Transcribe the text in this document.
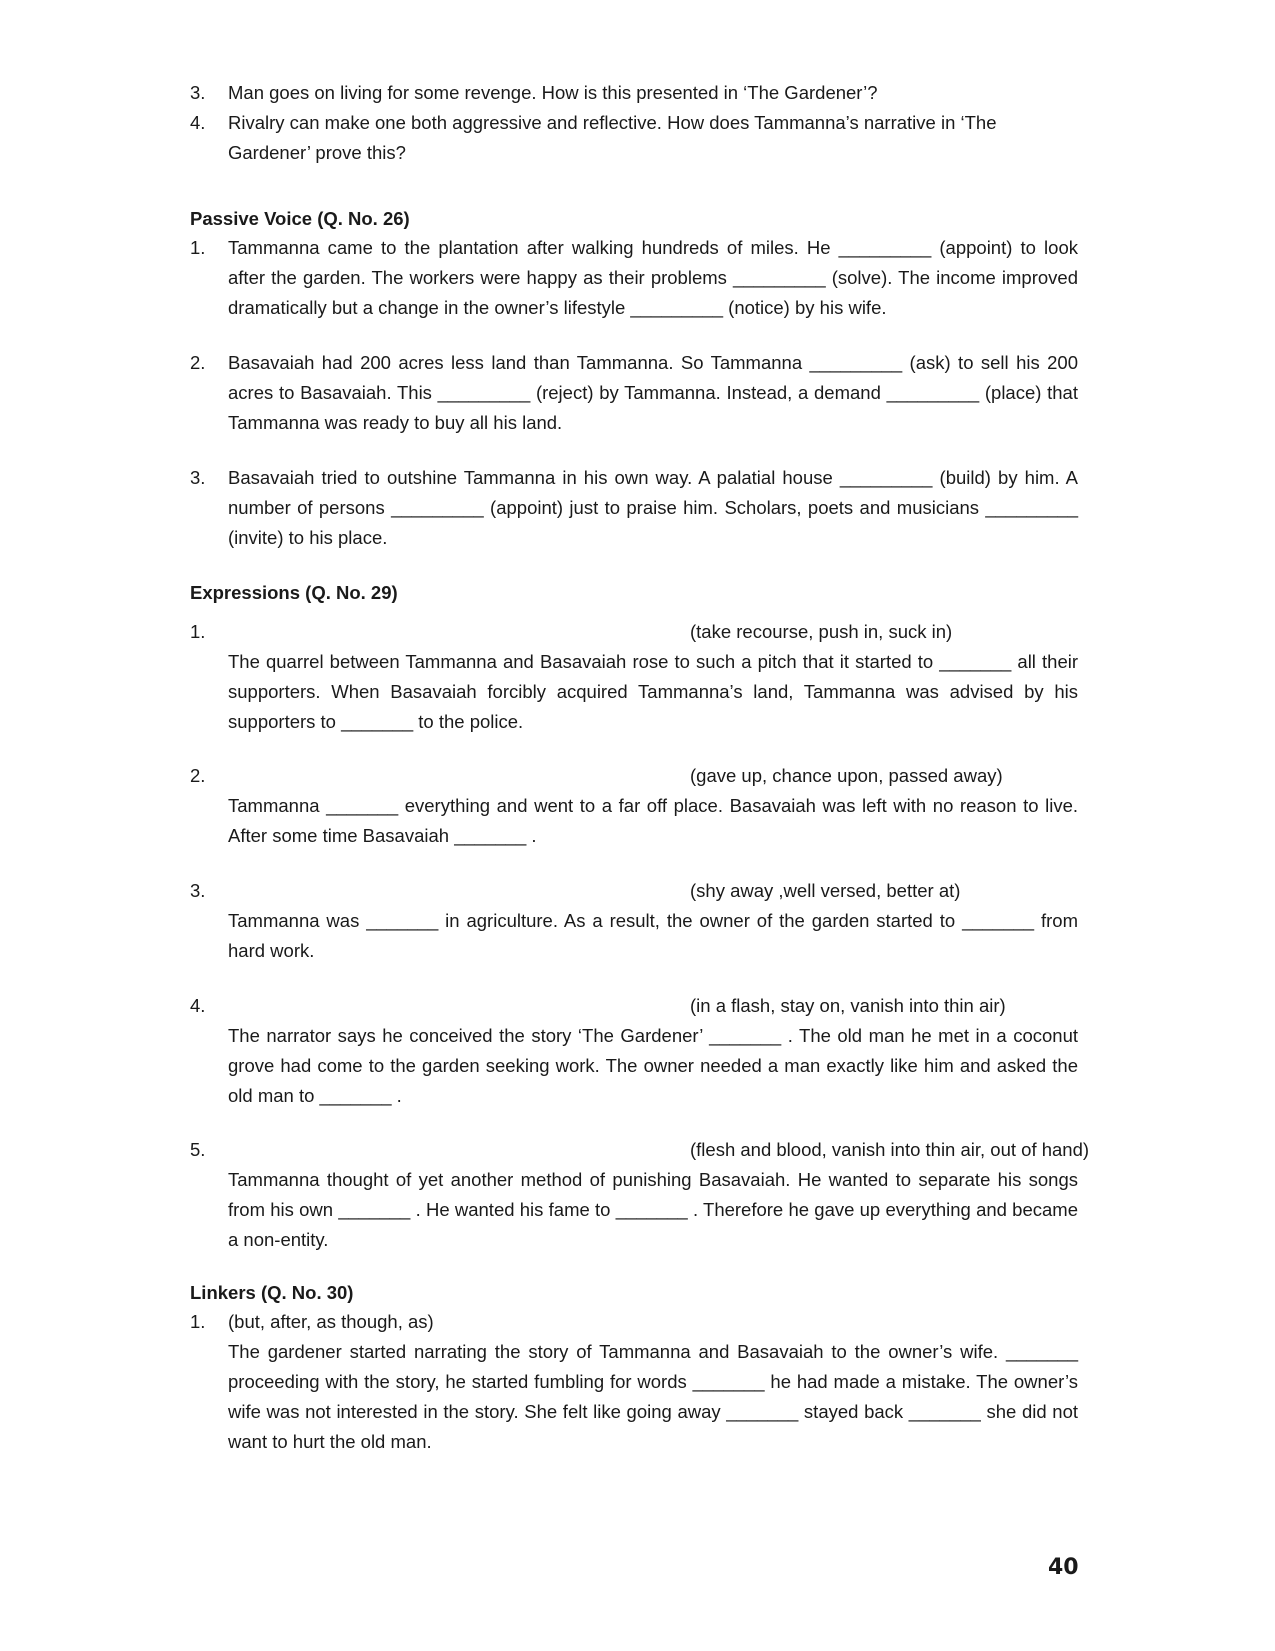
3.	Man goes on living for some revenge. How is this presented in ‘The Gardener’?
4.	Rivalry can make one both aggressive and reflective. How does Tammanna’s narrative in ‘The Gardener’ prove this?
Passive Voice (Q. No. 26)
1.	Tammanna came to the plantation after walking hundreds of miles. He _________ (appoint) to look after the garden. The workers were happy as their problems _________ (solve). The income improved dramatically but a change in the owner’s lifestyle _________ (notice) by his wife.
2.	Basavaiah had 200 acres less land than Tammanna. So Tammanna _________ (ask) to sell his 200 acres to Basavaiah. This _________ (reject) by Tammanna. Instead, a demand _________ (place) that Tammanna was ready to buy all his land.
3.	Basavaiah tried to outshine Tammanna in his own way. A palatial house _________ (build) by him. A number of persons _________ (appoint) just to praise him. Scholars, poets and musicians _________ (invite) to his place.
Expressions (Q. No. 29)
1.	(take recourse, push in, suck in)
The quarrel between Tammanna and Basavaiah rose to such a pitch that it started to _______ all their supporters. When Basavaiah forcibly acquired Tammanna’s land, Tammanna was advised by his supporters to _______ to the police.
2.	(gave up, chance upon, passed away)
Tammanna _______ everything and went to a far off place. Basavaiah was left with no reason to live. After some time Basavaiah _______ .
3.	(shy away ,well versed, better at)
Tammanna was _______ in agriculture. As a result, the owner of the garden started to _______ from hard work.
4.	(in a flash, stay on, vanish into thin air)
The narrator says he conceived the story ‘The Gardener’ _______ . The old man he met in a coconut grove had come to the garden seeking work. The owner needed a man exactly like him and asked the old man to _______ .
5.	(flesh and blood, vanish into thin air, out of hand)
Tammanna thought of yet another method of punishing Basavaiah. He wanted to separate his songs from his own _______ . He wanted his fame to _______ . Therefore he gave up everything and became a non-entity.
Linkers (Q. No. 30)
1.	(but, after, as though, as)
The gardener started narrating the story of Tammanna and Basavaiah to the owner’s wife. _______ proceeding with the story, he started fumbling for words _______ he had made a mistake. The owner’s wife was not interested in the story. She felt like going away _______ stayed back _______ she did not want to hurt the old man.
40
